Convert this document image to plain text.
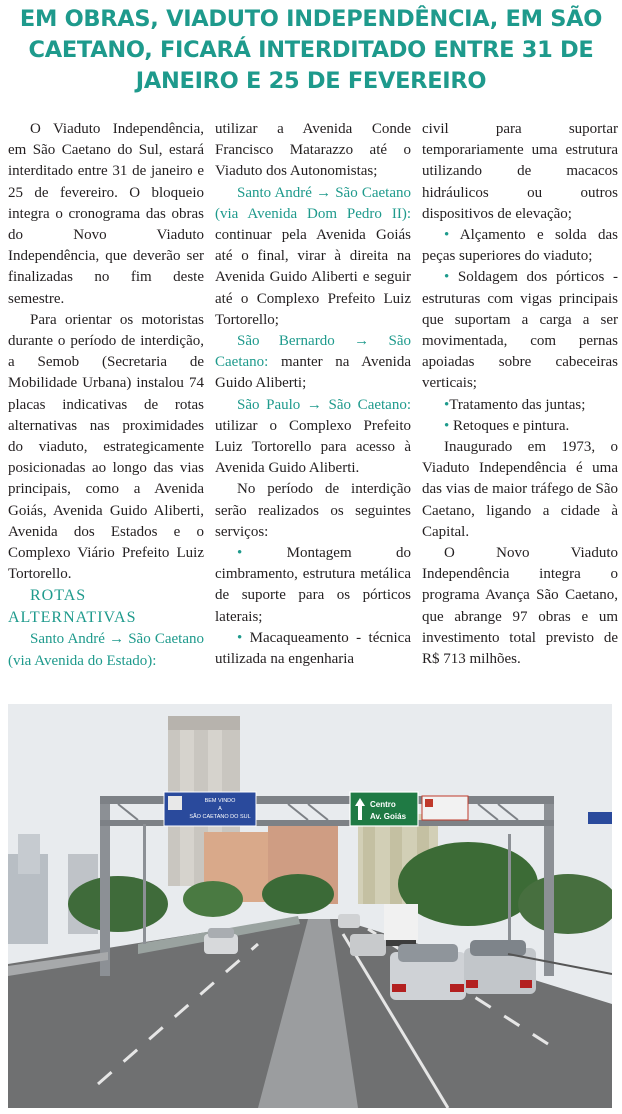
EM OBRAS, VIADUTO INDEPENDÊNCIA, EM SÃO
CAETANO, FICARÁ INTERDITADO ENTRE 31 DE
JANEIRO E 25 DE FEVEREIRO

O Viaduto Independência, em São Caetano do Sul, estará interditado entre 31 de janeiro e 25 de fevereiro. O bloqueio integra o cronograma das obras do Novo Viaduto Independência, que deverão ser finalizadas no fim deste semestre.

Para orientar os motoristas durante o período de interdição, a Semob (Secretaria de Mobilidade Urbana) instalou 74 placas indicativas de rotas alternativas nas proximidades do viaduto, estrategicamente posicionadas ao longo das vias principais, como a Avenida Goiás, Avenida Guido Aliberti, Avenida dos Estados e o Complexo Viário Prefeito Luiz Tortorello.

ROTAS ALTERNATIVAS

Santo André → São Caetano (via Avenida do Estado):

utilizar a Avenida Conde Francisco Matarazzo até o Viaduto dos Autonomistas;

Santo André → São Caetano (via Avenida Dom Pedro II): continuar pela Avenida Goiás até o final, virar à direita na Avenida Guido Aliberti e seguir até o Complexo Prefeito Luiz Tortorello;

São Bernardo → São Caetano: manter na Avenida Guido Aliberti;

São Paulo → São Caetano: utilizar o Complexo Prefeito Luiz Tortorello para acesso à Avenida Guido Aliberti.

No período de interdição serão realizados os seguintes serviços:

•	Montagem do cimbramento, estrutura metálica de suporte para os pórticos laterais;

• Macaqueamento - técnica utilizada na engenharia

civil para suportar temporariamente uma estrutura utilizando de macacos hidráulicos ou outros dispositivos de elevação;

• Alçamento e solda das peças superiores do viaduto;

• Soldagem dos pórticos - estruturas com vigas principais que suportam a carga a ser movimentada, com pernas apoiadas sobre cabeceiras verticais;

•Tratamento das juntas;

• Retoques e pintura.

Inaugurado em 1973, o Viaduto Independência é uma das vias de maior tráfego de São Caetano, ligando a cidade à Capital.

O Novo Viaduto Independência integra o programa Avança São Caetano, que abrange 97 obras e um investimento total previsto de R$ 713 milhões.

BEM VINDO
A
SÃO CAETANO DO SUL
Centro
Av. Goiás
